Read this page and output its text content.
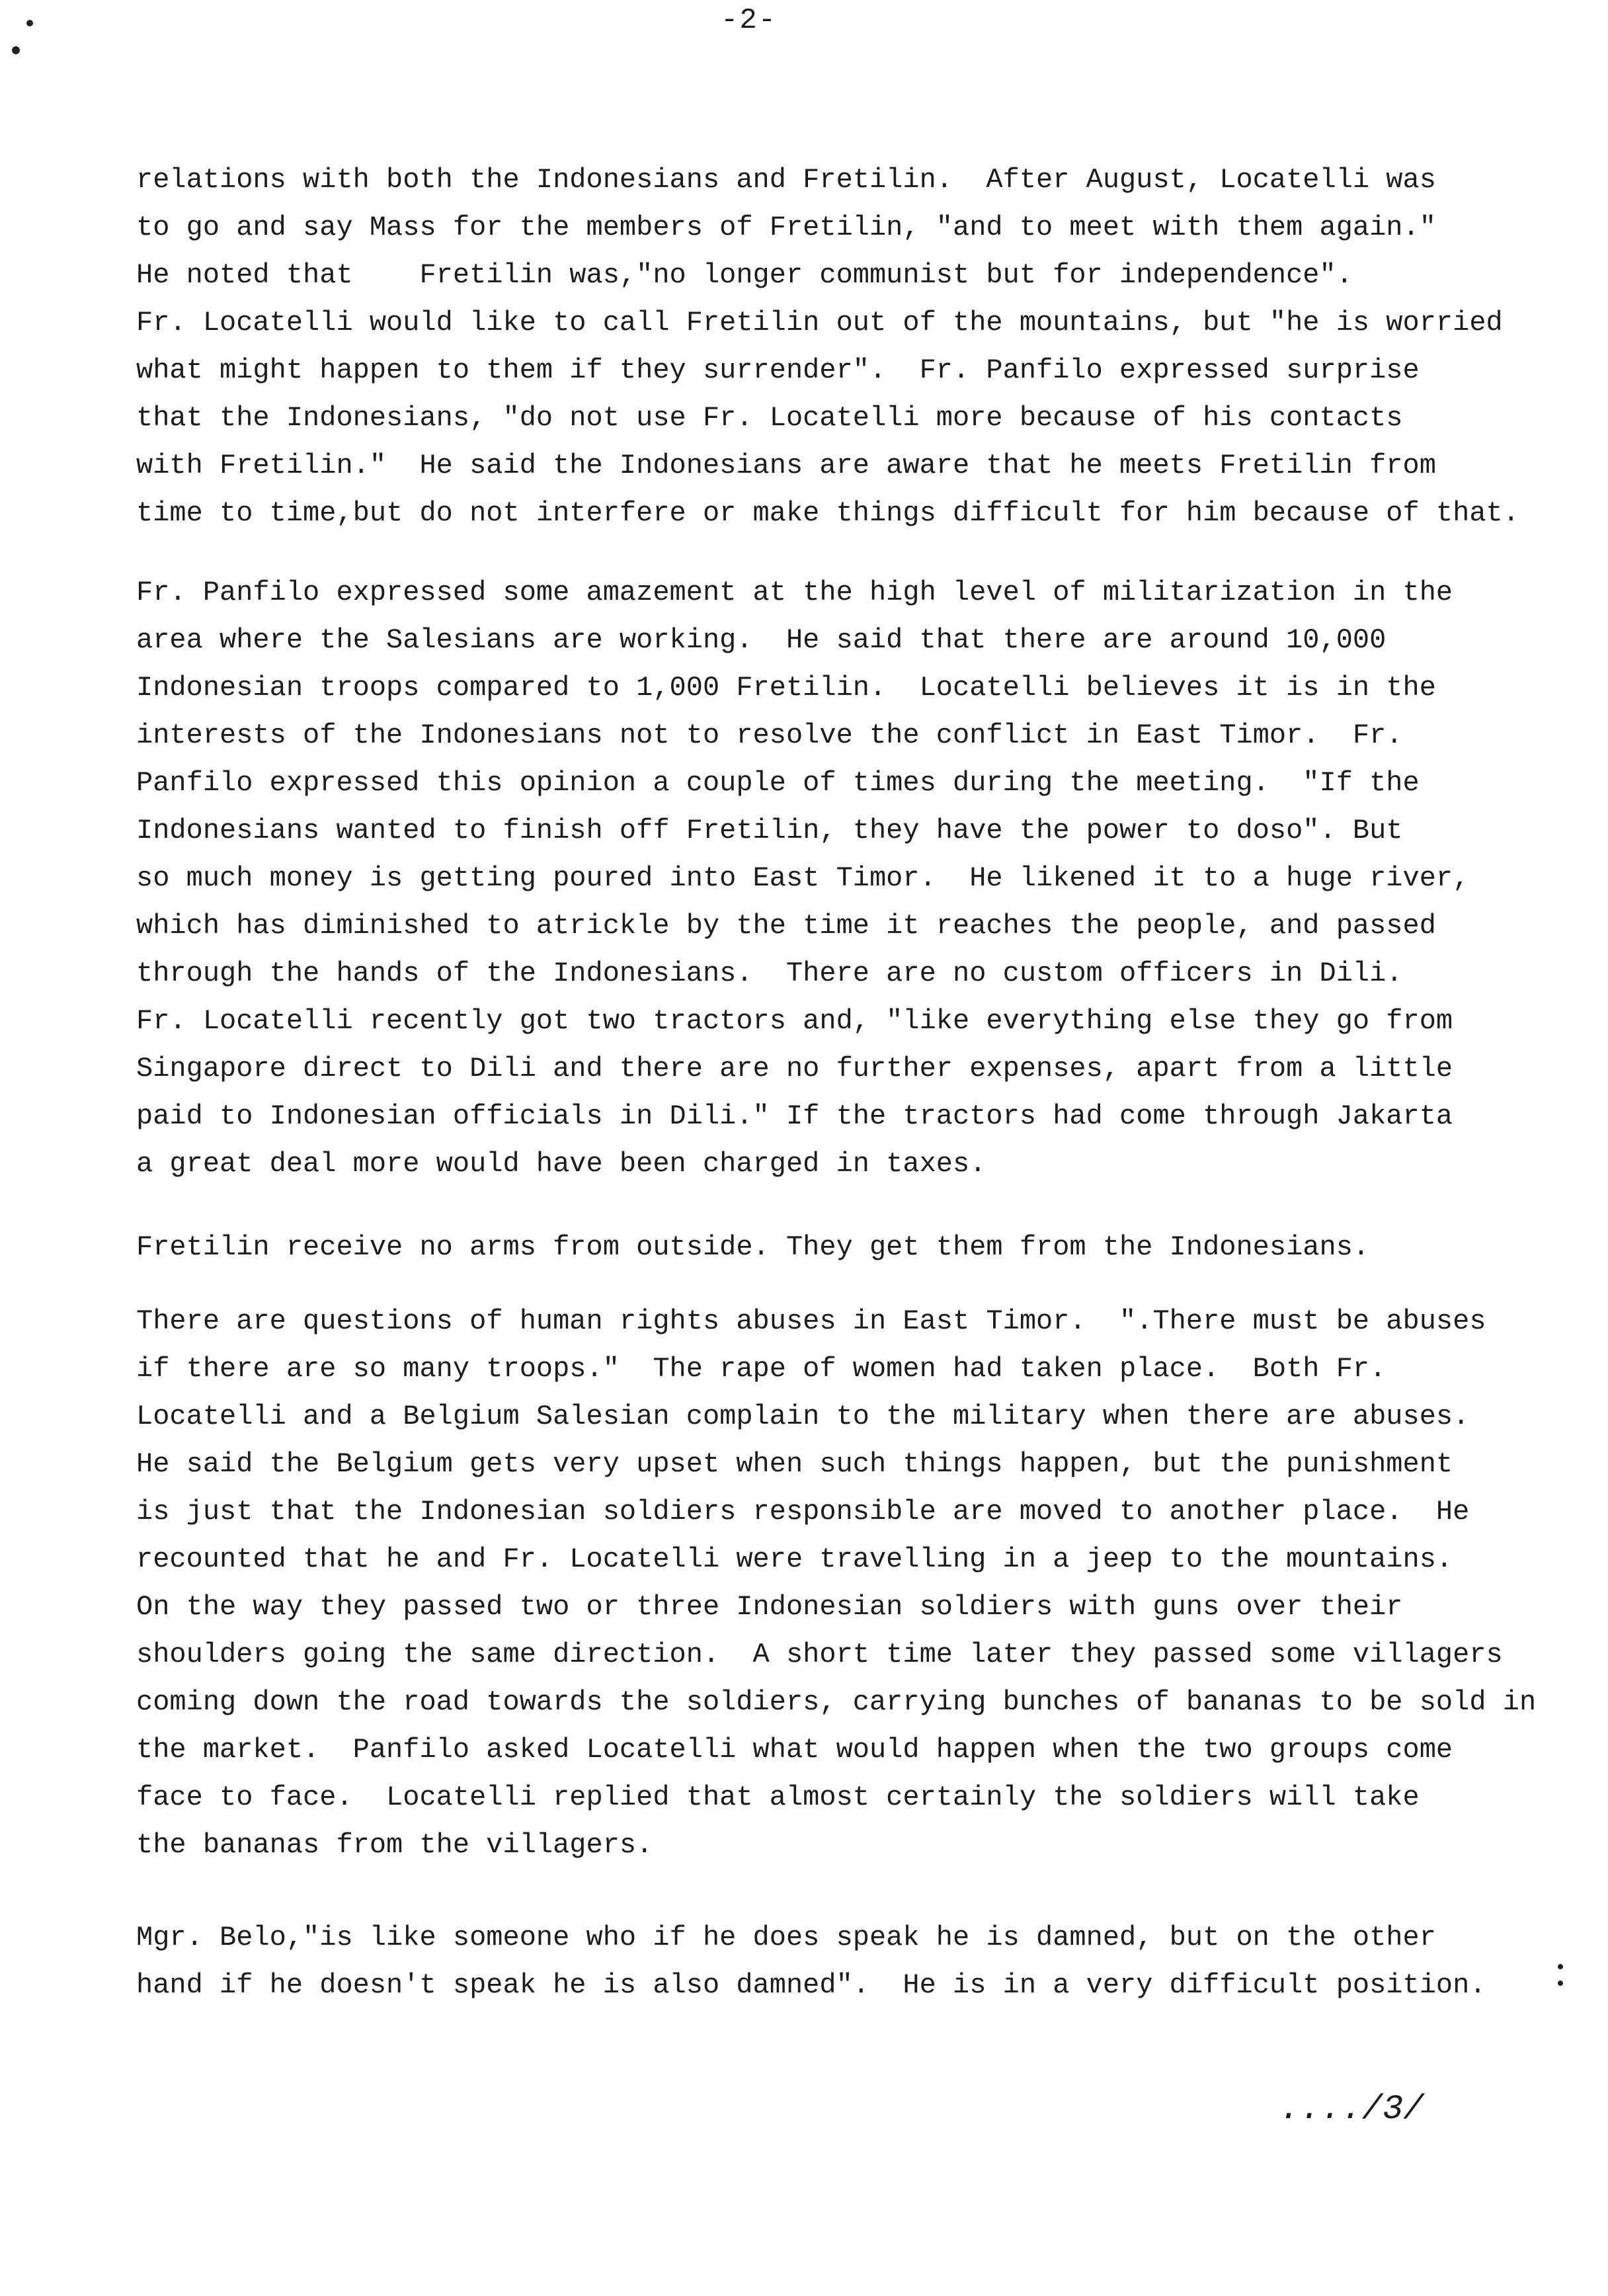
-2-
relations with both the Indonesians and Fretilin.  After August, Locatelli was
to go and say Mass for the members of Fretilin, "and to meet with them again."
He noted that    Fretilin was,"no longer communist but for independence".
Fr. Locatelli would like to call Fretilin out of the mountains, but "he is worried
what might happen to them if they surrender".  Fr. Panfilo expressed surprise
that the Indonesians, "do not use Fr. Locatelli more because of his contacts
with Fretilin."  He said the Indonesians are aware that he meets Fretilin from
time to time,but do not interfere or make things difficult for him because of that.
Fr. Panfilo expressed some amazement at the high level of militarization in the
area where the Salesians are working.  He said that there are around 10,000
Indonesian troops compared to 1,000 Fretilin.  Locatelli believes it is in the
interests of the Indonesians not to resolve the conflict in East Timor.  Fr.
Panfilo expressed this opinion a couple of times during the meeting.  "If the
Indonesians wanted to finish off Fretilin, they have the power to doso". But
so much money is getting poured into East Timor.  He likened it to a huge river,
which has diminished to atrickle by the time it reaches the people, and passed
through the hands of the Indonesians.  There are no custom officers in Dili.
Fr. Locatelli recently got two tractors and, "like everything else they go from
Singapore direct to Dili and there are no further expenses, apart from a little
paid to Indonesian officials in Dili." If the tractors had come through Jakarta
a great deal more would have been charged in taxes.
Fretilin receive no arms from outside. They get them from the Indonesians.
There are questions of human rights abuses in East Timor.  ".There must be abuses
if there are so many troops."  The rape of women had taken place.  Both Fr.
Locatelli and a Belgium Salesian complain to the military when there are abuses.
He said the Belgium gets very upset when such things happen, but the punishment
is just that the Indonesian soldiers responsible are moved to another place.  He
recounted that he and Fr. Locatelli were travelling in a jeep to the mountains.
On the way they passed two or three Indonesian soldiers with guns over their
shoulders going the same direction.  A short time later they passed some villagers
coming down the road towards the soldiers, carrying bunches of bananas to be sold in
the market.  Panfilo asked Locatelli what would happen when the two groups come
face to face.  Locatelli replied that almost certainly the soldiers will take
the bananas from the villagers.
Mgr. Belo,"is like someone who if he does speak he is damned, but on the other
hand if he doesn't speak he is also damned".  He is in a very difficult position.
..../3/
